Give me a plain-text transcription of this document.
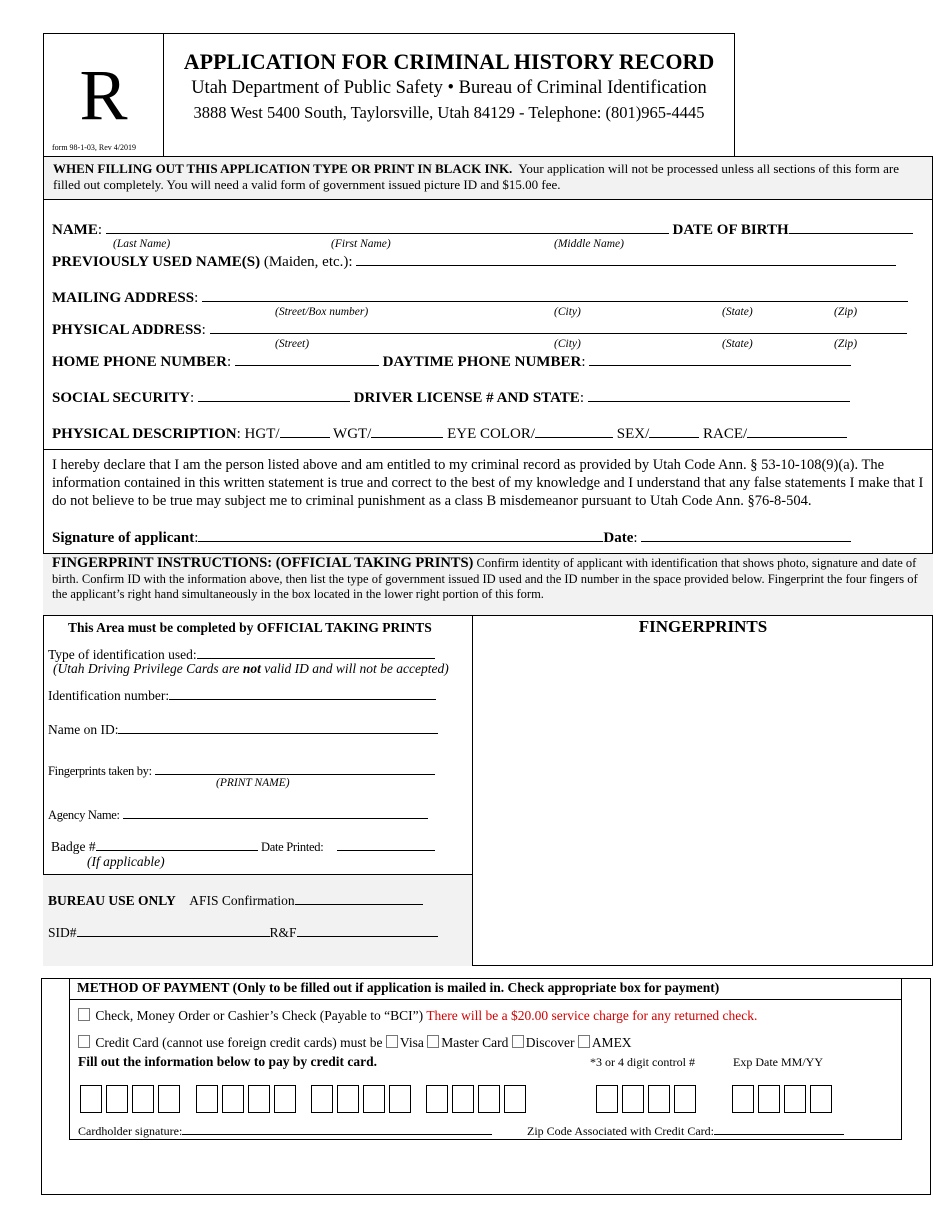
R
form 98-1-03, Rev 4/2019
APPLICATION FOR CRIMINAL HISTORY RECORD
Utah Department of Public Safety • Bureau of Criminal Identification
3888 West 5400 South, Taylorsville, Utah 84129 - Telephone: (801)965-4445
WHEN FILLING OUT THIS APPLICATION TYPE OR PRINT IN BLACK INK. Your application will not be processed unless all sections of this form are filled out completely. You will need a valid form of government issued picture ID and $15.00 fee.
NAME:	DATE OF BIRTH
(Last Name)	(First Name)	(Middle Name)
PREVIOUSLY USED NAME(S) (Maiden, etc.):
MAILING ADDRESS:
(Street/Box number)	(City)	(State)	(Zip)
PHYSICAL ADDRESS:
(Street)	(City)	(State)	(Zip)
HOME PHONE NUMBER:	DAYTIME PHONE NUMBER:
SOCIAL SECURITY:	DRIVER LICENSE # AND STATE:
PHYSICAL DESCRIPTION: HGT/	WGT/	EYE COLOR/	SEX/	RACE/
I hereby declare that I am the person listed above and am entitled to my criminal record as provided by Utah Code Ann. § 53-10-108(9)(a). The information contained in this written statement is true and correct to the best of my knowledge and I understand that any false statements I make that I do not believe to be true may subject me to criminal punishment as a class B misdemeanor pursuant to Utah Code Ann. §76-8-504.
Signature of applicant:	Date:
FINGERPRINT INSTRUCTIONS: (OFFICIAL TAKING PRINTS) Confirm identity of applicant with identification that shows photo, signature and date of birth. Confirm ID with the information above, then list the type of government issued ID used and the ID number in the space provided below. Fingerprint the four fingers of the applicant’s right hand simultaneously in the box located in the lower right portion of this form.
This Area must be completed by OFFICIAL TAKING PRINTS
Type of identification used:
(Utah Driving Privilege Cards are not valid ID and will not be accepted)
Identification number:
Name on ID:
Fingerprints taken by:
(PRINT NAME)
Agency Name:
Badge #	Date Printed:
(If applicable)
BUREAU USE ONLY AFIS Confirmation
SID#	R&F
FINGERPRINTS
METHOD OF PAYMENT (Only to be filled out if application is mailed in. Check appropriate box for payment)
Check, Money Order or Cashier’s Check (Payable to “BCI”) There will be a $20.00 service charge for any returned check.
Credit Card (cannot use foreign credit cards) must be Visa Master Card Discover AMEX
Fill out the information below to pay by credit card.	*3 or 4 digit control #	Exp Date MM/YY
Cardholder signature:	Zip Code Associated with Credit Card:
